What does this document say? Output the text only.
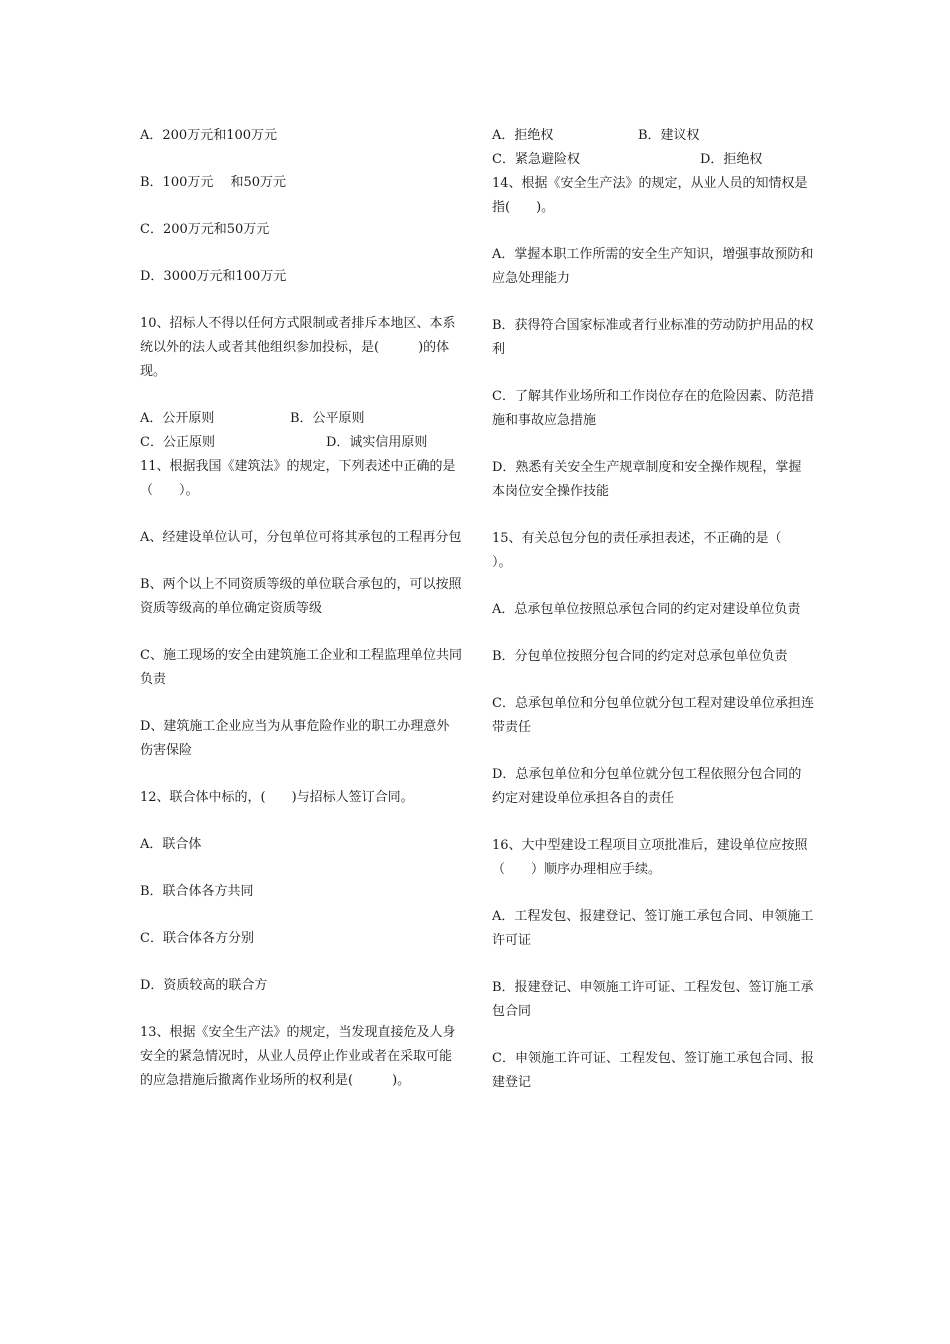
A．200万元和100万元

B．100万元　 和50万元

C．200万元和50万元

D．3000万元和100万元

10、招标人不得以任何方式限制或者排斥本地区、本系统以外的法人或者其他组织参加投标，是(　　　)的体现。

A．公开原则	B．公平原则
C．公正原则	D．诚实信用原则

11、根据我国《建筑法》的规定，下列表述中正确的是（　　）。

A、经建设单位认可，分包单位可将其承包的工程再分包

B、两个以上不同资质等级的单位联合承包的，可以按照资质等级高的单位确定资质等级

C、施工现场的安全由建筑施工企业和工程监理单位共同负责

D、建筑施工企业应当为从事危险作业的职工办理意外伤害保险

12、联合体中标的，(　　)与招标人签订合同。

A．联合体

B．联合体各方共同

C．联合体各方分别

D．资质较高的联合方

13、根据《安全生产法》的规定，当发现直接危及人身安全的紧急情况时，从业人员停止作业或者在采取可能的应急措施后撤离作业场所的权利是(　　　)。

A．拒绝权	B．建议权
C．紧急避险权	D．拒绝权

14、根据《安全生产法》的规定，从业人员的知情权是指(　　)。

A．掌握本职工作所需的安全生产知识，增强事故预防和应急处理能力

B．获得符合国家标准或者行业标准的劳动防护用品的权利

C．了解其作业场所和工作岗位存在的危险因素、防范措施和事故应急措施

D．熟悉有关安全生产规章制度和安全操作规程，掌握本岗位安全操作技能

15、有关总包分包的责任承担表述，不正确的是（　　）。

A．总承包单位按照总承包合同的约定对建设单位负责

B．分包单位按照分包合同的约定对总承包单位负责

C．总承包单位和分包单位就分包工程对建设单位承担连带责任

D．总承包单位和分包单位就分包工程依照分包合同的约定对建设单位承担各自的责任

16、大中型建设工程项目立项批准后，建设单位应按照（　　）顺序办理相应手续。

A．工程发包、报建登记、签订施工承包合同、申领施工许可证

B．报建登记、申领施工许可证、工程发包、签订施工承包合同

C．申领施工许可证、工程发包、签订施工承包合同、报建登记
